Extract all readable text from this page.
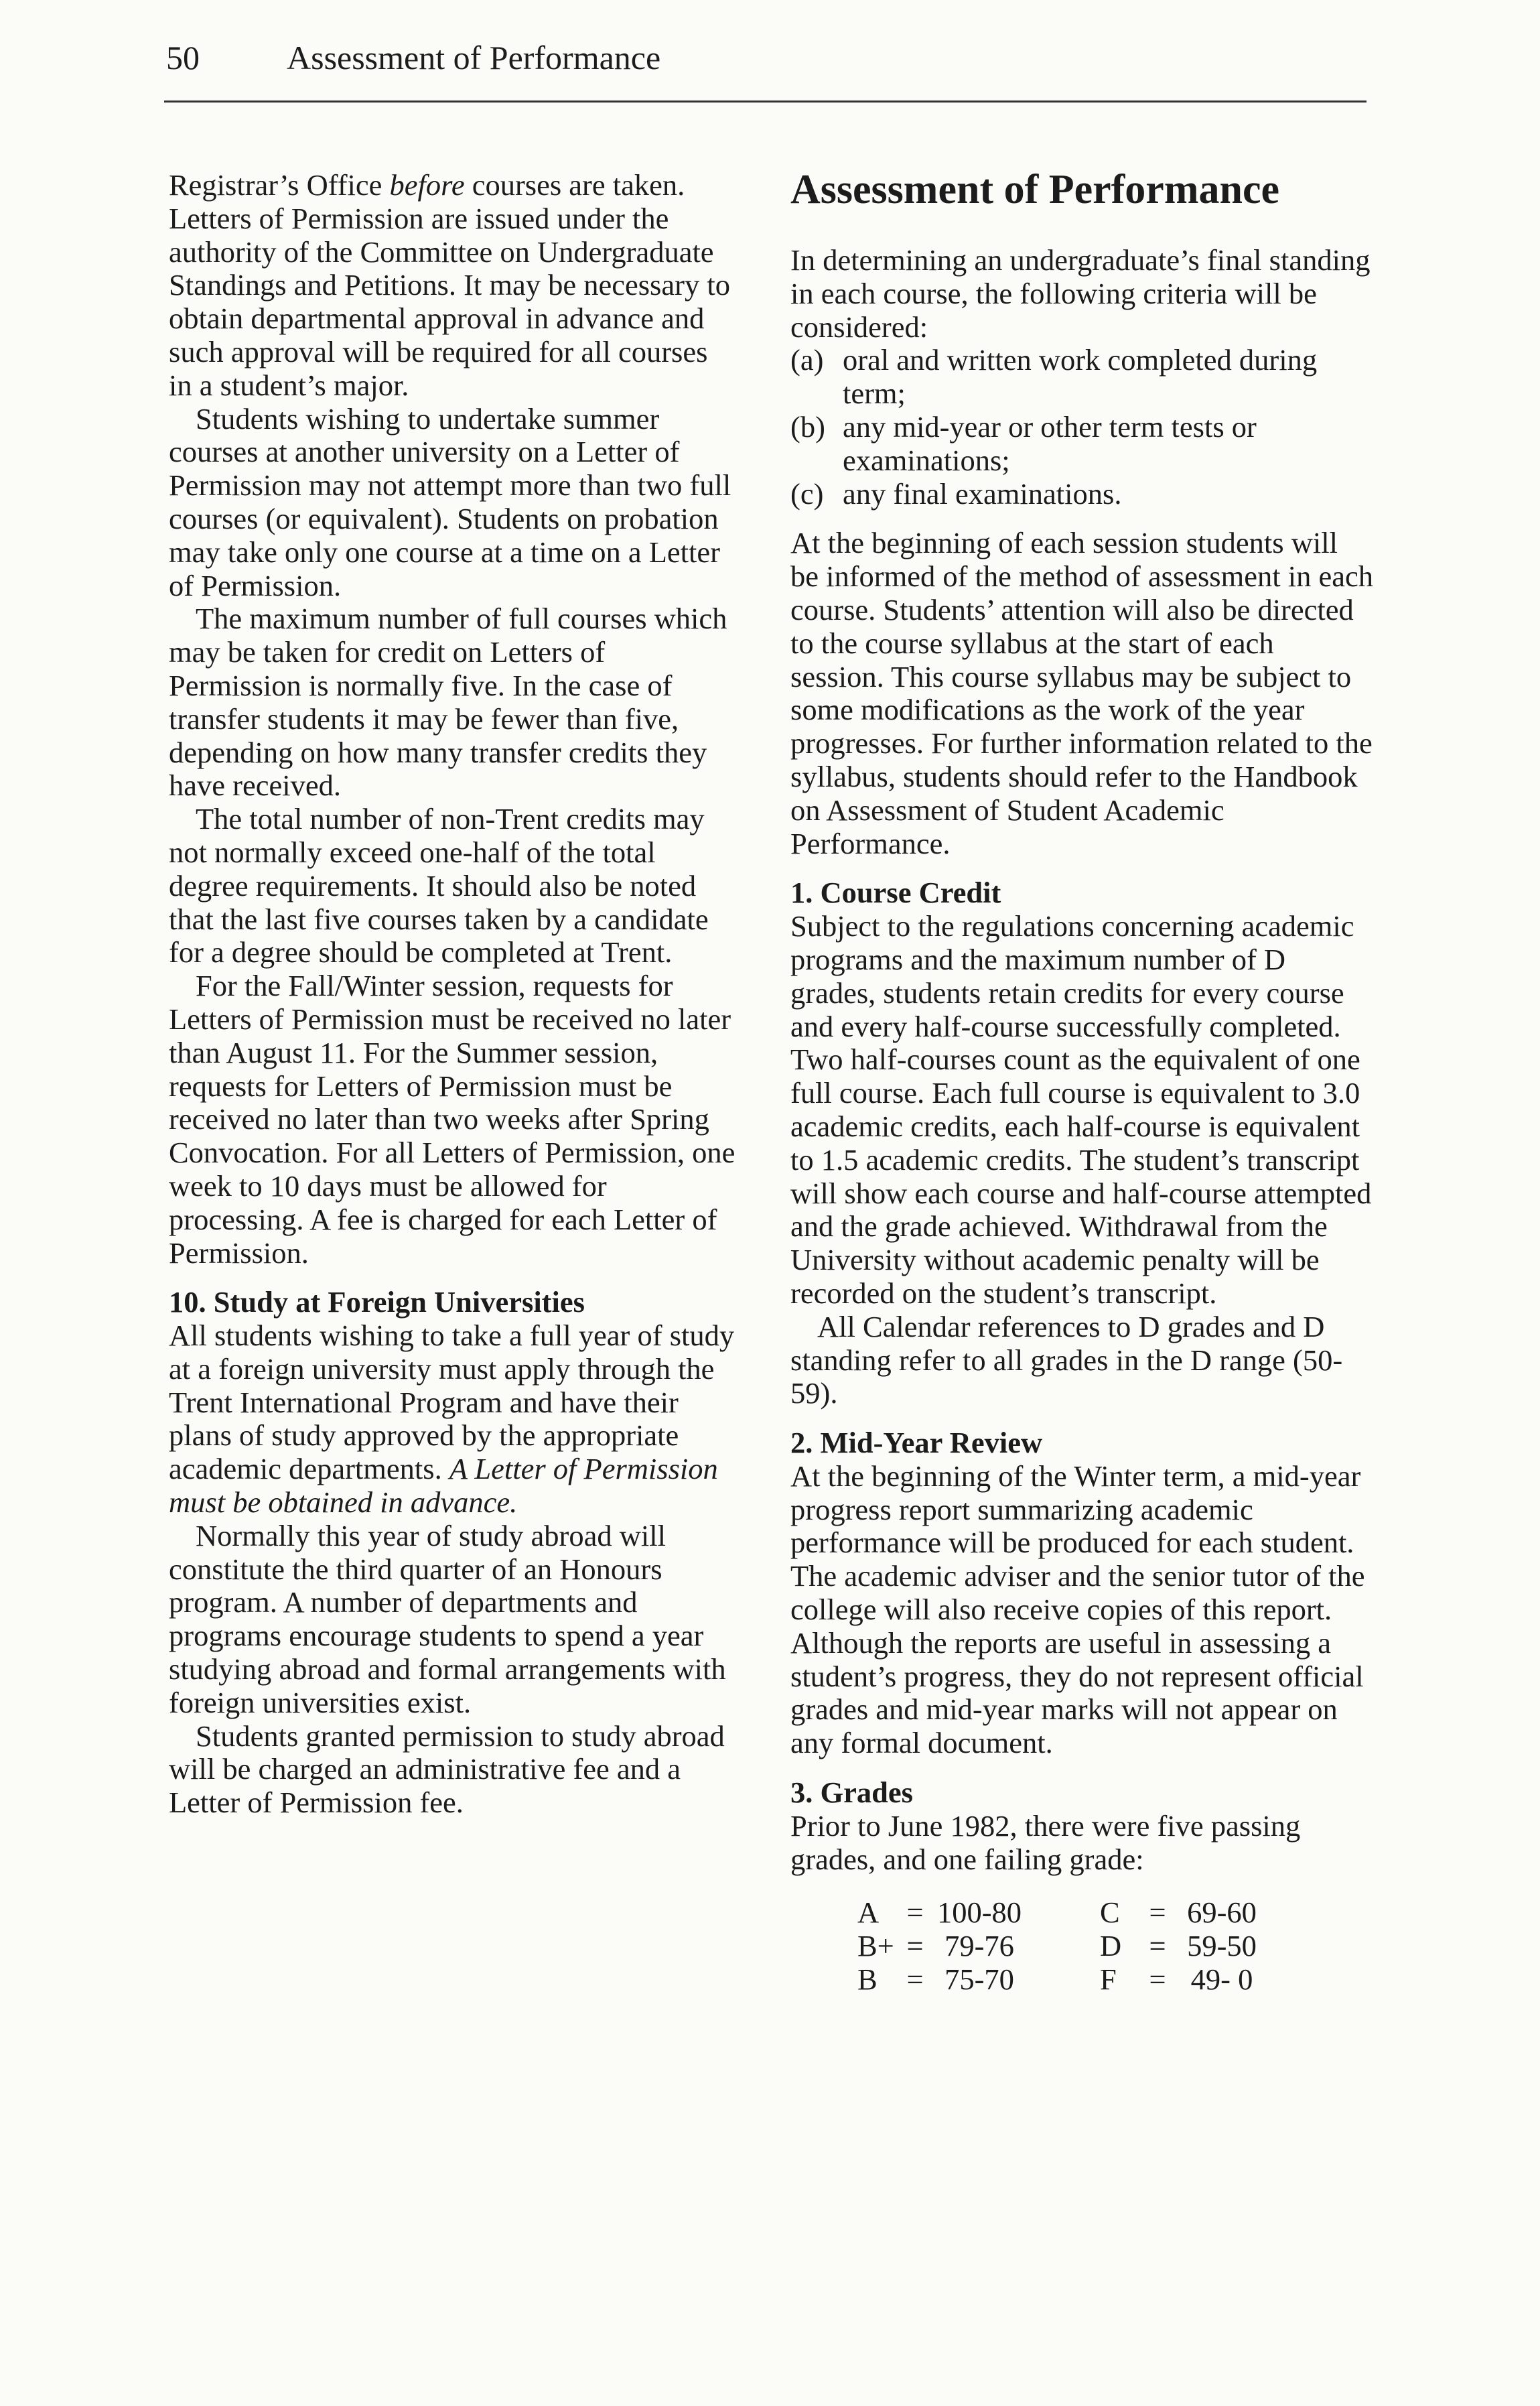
50	Assessment of Performance

Registrar’s Office before courses are taken. Letters of Permission are issued under the authority of the Committee on Undergraduate Standings and Petitions. It may be necessary to obtain departmental approval in advance and such approval will be required for all courses in a student’s major.

Students wishing to undertake summer courses at another university on a Letter of Permission may not attempt more than two full courses (or equivalent). Students on probation may take only one course at a time on a Letter of Permission.

The maximum number of full courses which may be taken for credit on Letters of Permission is normally five. In the case of transfer students it may be fewer than five, depending on how many transfer credits they have received.

The total number of non-Trent credits may not normally exceed one-half of the total degree requirements. It should also be noted that the last five courses taken by a candidate for a degree should be completed at Trent.

For the Fall/Winter session, requests for Letters of Permission must be received no later than August 11. For the Summer session, requests for Letters of Permission must be received no later than two weeks after Spring Convocation. For all Letters of Permission, one week to 10 days must be allowed for processing. A fee is charged for each Letter of Permission.

10. Study at Foreign Universities

All students wishing to take a full year of study at a foreign university must apply through the Trent International Program and have their plans of study approved by the appropriate academic departments. A Letter of Permission must be obtained in advance.

Normally this year of study abroad will constitute the third quarter of an Honours program. A number of departments and programs encourage students to spend a year studying abroad and formal arrangements with foreign universities exist.

Students granted permission to study abroad will be charged an administrative fee and a Letter of Permission fee.

Assessment of Performance

In determining an undergraduate’s final standing in each course, the following criteria will be considered:

(a) oral and written work completed during term;
(b) any mid-year or other term tests or examinations;
(c) any final examinations.

At the beginning of each session students will be informed of the method of assessment in each course. Students’ attention will also be directed to the course syllabus at the start of each session. This course syllabus may be subject to some modifications as the work of the year progresses. For further information related to the syllabus, students should refer to the Handbook on Assessment of Student Academic Performance.

1. Course Credit

Subject to the regulations concerning academic programs and the maximum number of D grades, students retain credits for every course and every half-course successfully completed. Two half-courses count as the equivalent of one full course. Each full course is equivalent to 3.0 academic credits, each half-course is equivalent to 1.5 academic credits. The student’s transcript will show each course and half-course attempted and the grade achieved. Withdrawal from the University without academic penalty will be recorded on the student’s transcript.

All Calendar references to D grades and D standing refer to all grades in the D range (50-59).

2. Mid-Year Review

At the beginning of the Winter term, a mid-year progress report summarizing academic performance will be produced for each student. The academic adviser and the senior tutor of the college will also receive copies of this report. Although the reports are useful in assessing a student’s progress, they do not represent official grades and mid-year marks will not appear on any formal document.

3. Grades

Prior to June 1982, there were five passing grades, and one failing grade:

A	=	100-80		C	=	69-60
B+	=	79-76		D	=	59-50
B	=	75-70		F	=	49- 0
